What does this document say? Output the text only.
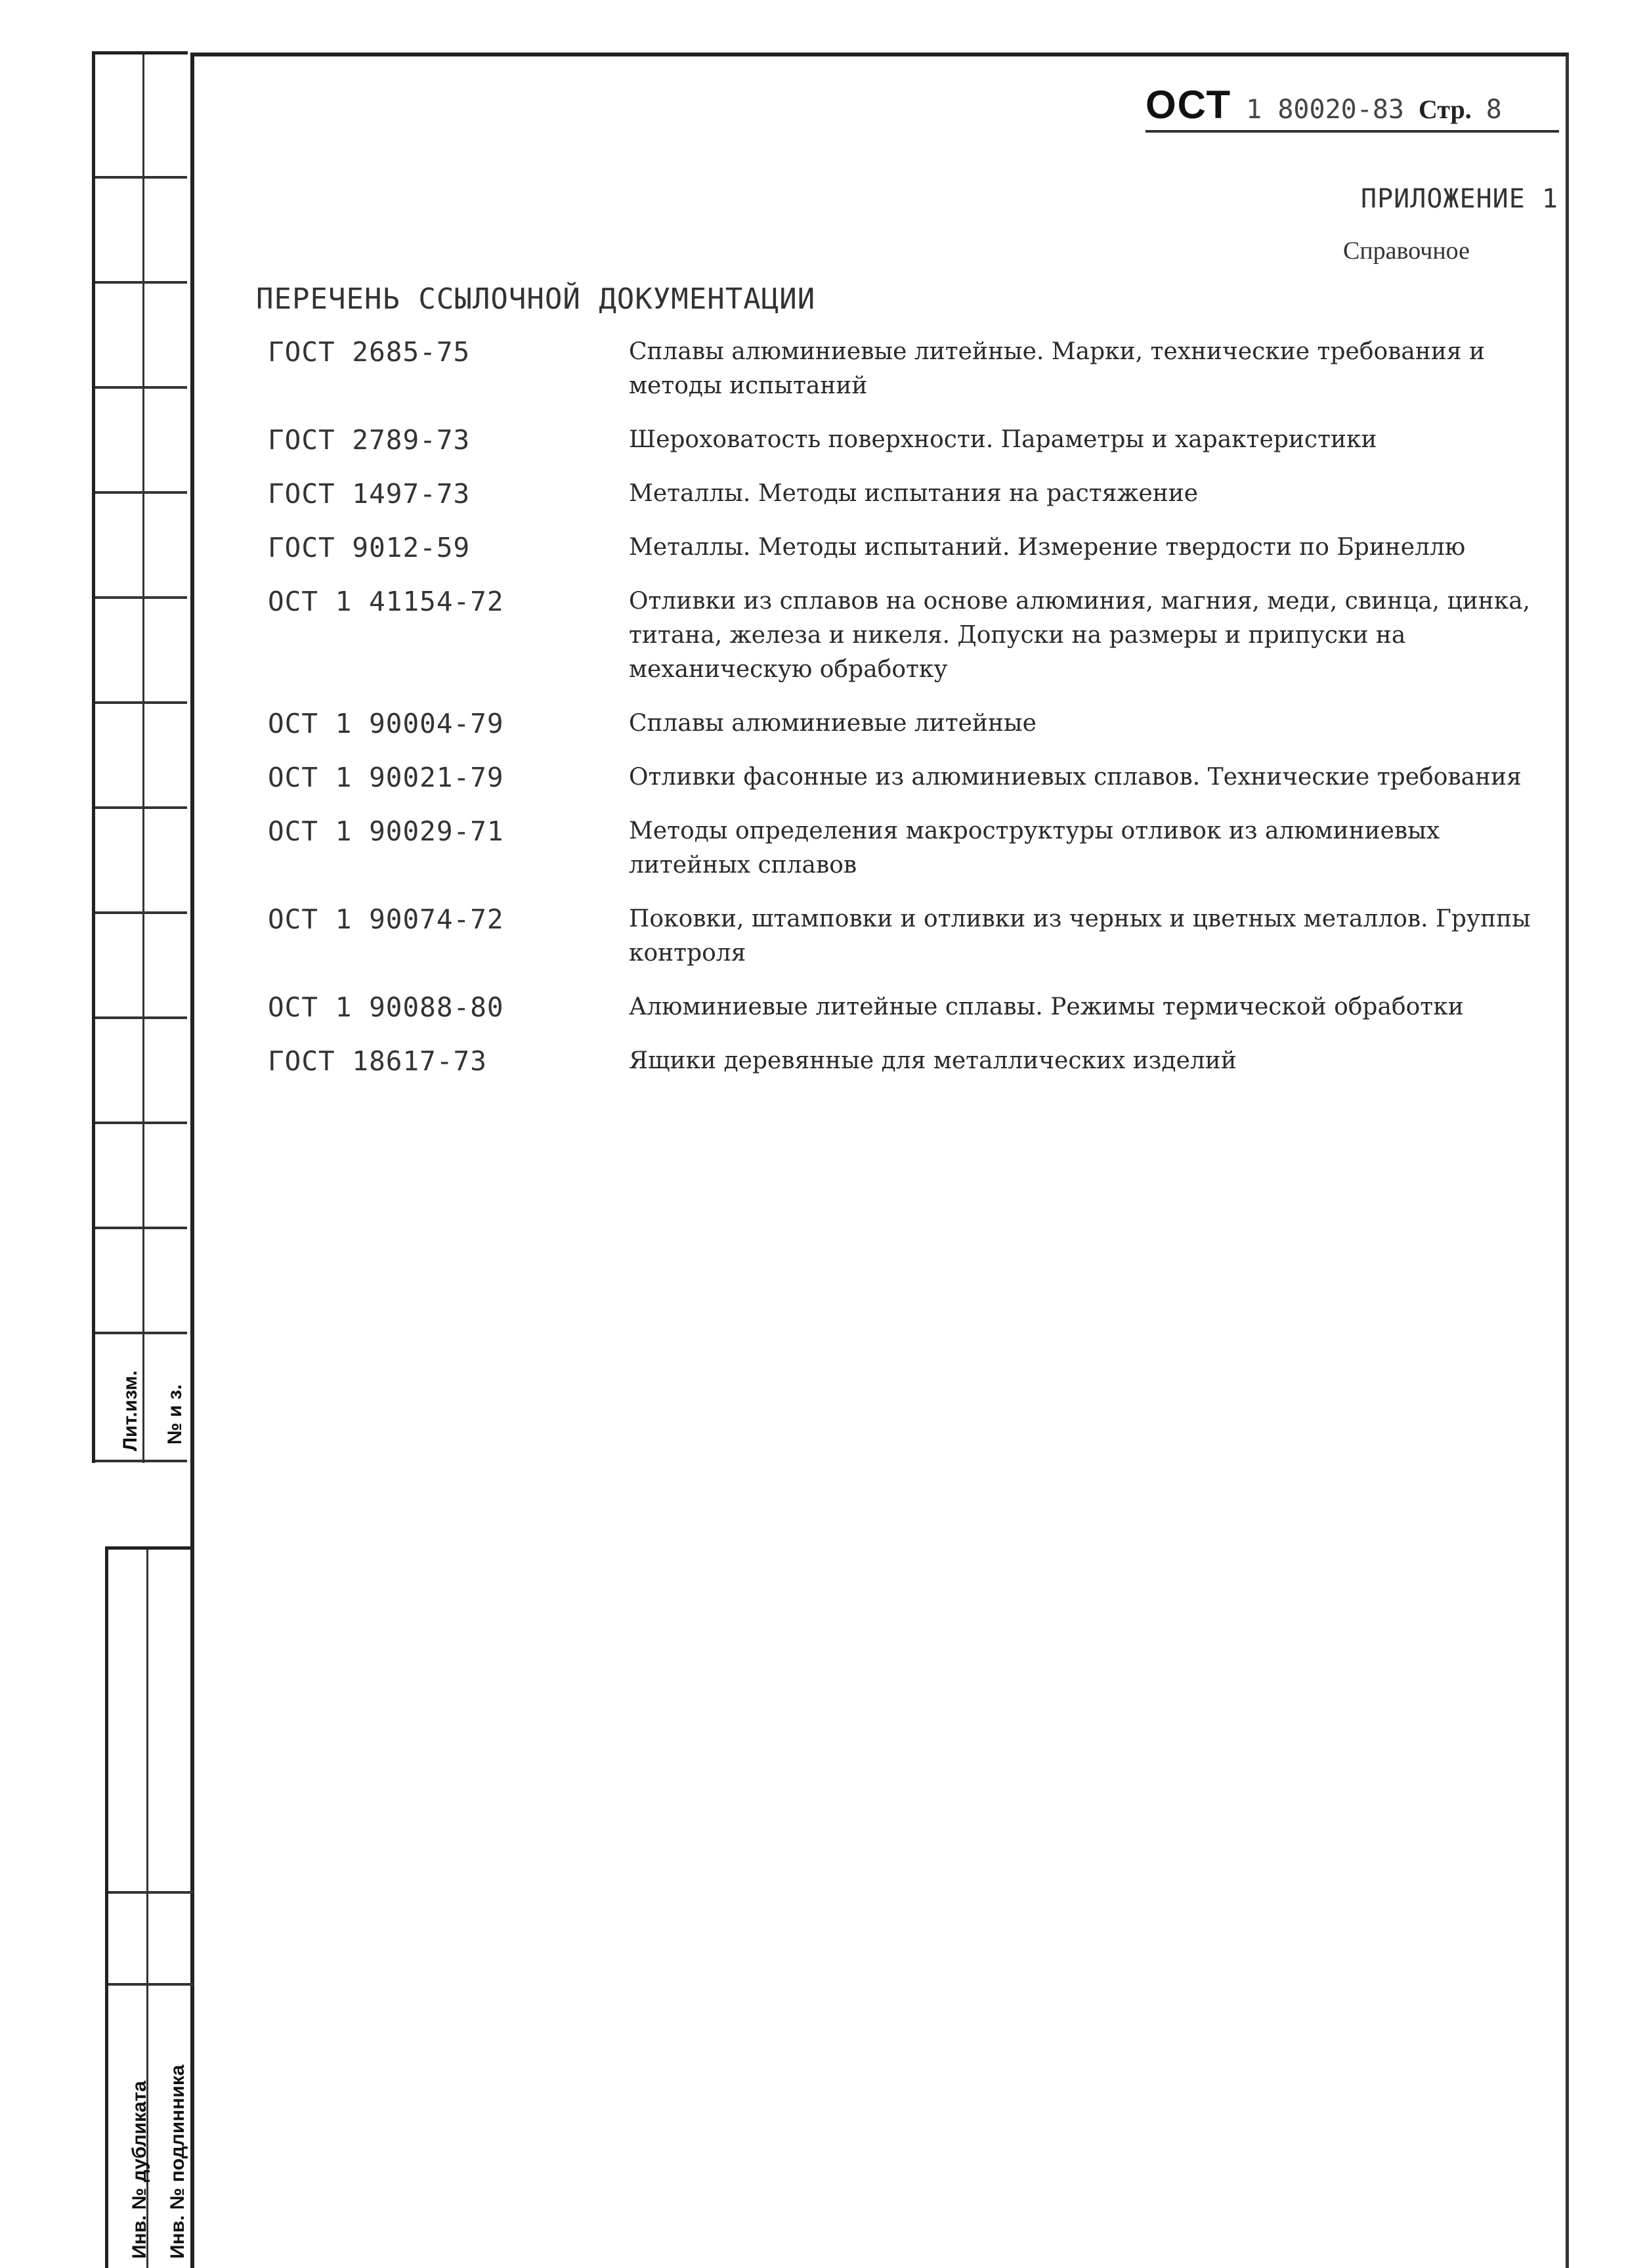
Лит.изм. № и з.
Инв. № дубликата Инв. № подлинника
ОСТ 1 80020-83 Стр. 8
ПРИЛОЖЕНИЕ 1
Справочное
ПЕРЕЧЕНЬ ССЫЛОЧНОЙ ДОКУМЕНТАЦИИ
ГОСТ 2685-75	Сплавы алюминиевые литейные. Марки, технические требования и методы испытаний
ГОСТ 2789-73	Шероховатость поверхности. Параметры и характеристики
ГОСТ 1497-73	Металлы. Методы испытания на растяжение
ГОСТ 9012-59	Металлы. Методы испытаний. Измерение твердости по Бринеллю
ОСТ 1 41154-72	Отливки из сплавов на основе алюминия, магния, меди, свинца, цинка, титана, железа и никеля. Допуски на размеры и припуски на механическую обработку
ОСТ 1 90004-79	Сплавы алюминиевые литейные
ОСТ 1 90021-79	Отливки фасонные из алюминиевых сплавов. Технические требования
ОСТ 1 90029-71	Методы определения макроструктуры отливок из алюминиевых литейных сплавов
ОСТ 1 90074-72	Поковки, штамповки и отливки из черных и цветных металлов. Группы контроля
ОСТ 1 90088-80	Алюминиевые литейные сплавы. Режимы термической обработки
ГОСТ 18617-73	Ящики деревянные для металлических изделий
